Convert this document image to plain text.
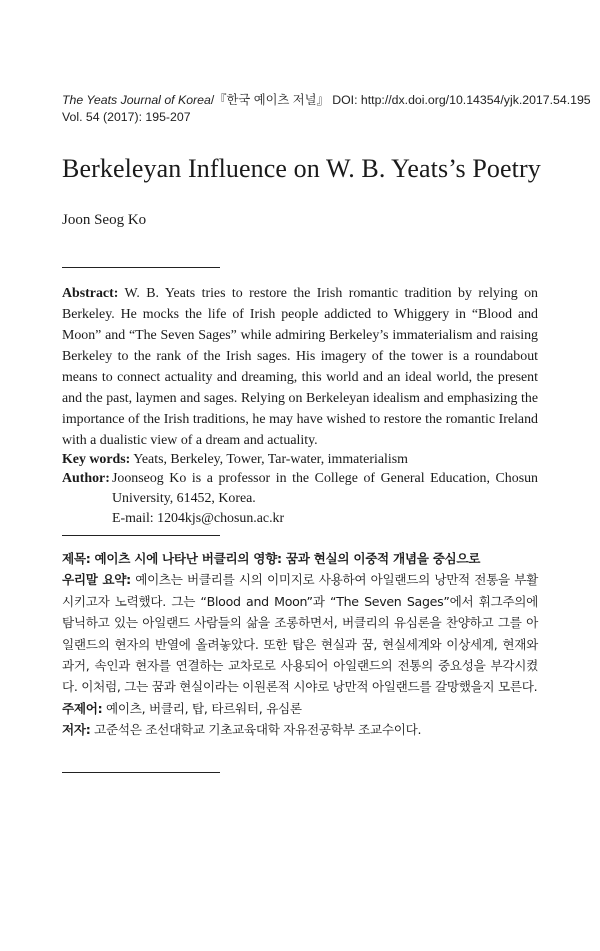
The Yeats Journal of Korea/『한국 예이츠 저널』 DOI: http://dx.doi.org/10.14354/yjk.2017.54.195
Vol. 54 (2017): 195-207
Berkeleyan Influence on W. B. Yeats’s Poetry
Joon Seog Ko

Abstract: W. B. Yeats tries to restore the Irish romantic tradition by relying on Berkeley. He mocks the life of Irish people addicted to Whiggery in “Blood and Moon” and “The Seven Sages” while admiring Berkeley’s immaterialism and raising Berkeley to the rank of the Irish sages. His imagery of the tower is a roundabout means to connect actuality and dreaming, this world and an ideal world, the present and the past, laymen and sages. Relying on Berkeleyan idealism and emphasizing the importance of the Irish traditions, he may have wished to restore the romantic Ireland with a dualistic view of a dream and actuality.

Key words: Yeats, Berkeley, Tower, Tar-water, immaterialism
Author: Joonseog Ko is a professor in the College of General Education, Chosun University, 61452, Korea.
E-mail: 1204kjs@chosun.ac.kr

제목: 예이츠 시에 나타난 버클리의 영향: 꿈과 현실의 이중적 개념을 중심으로

우리말 요약: 예이츠는 버클리를 시의 이미지로 사용하여 아일랜드의 낭만적 전통을 부활시키고자 노력했다. 그는 “Blood and Moon”과 “The Seven Sages”에서 휘그주의에 탐닉하고 있는 아일랜드 사람들의 삶을 조롱하면서, 버클리의 유심론을 찬양하고 그를 아일랜드의 현자의 반열에 올려놓았다. 또한 탑은 현실과 꿈, 현실세계와 이상세계, 현재와 과거, 속인과 현자를 연결하는 교차로로 사용되어 아일랜드의 전통의 중요성을 부각시켰다. 이처럼, 그는 꿈과 현실이라는 이원론적 시야로 낭만적 아일랜드를 갈망했을지 모른다.

주제어: 예이츠, 버클리, 탑, 타르워터, 유심론

저자: 고준석은 조선대학교 기초교육대학 자유전공학부 조교수이다.
